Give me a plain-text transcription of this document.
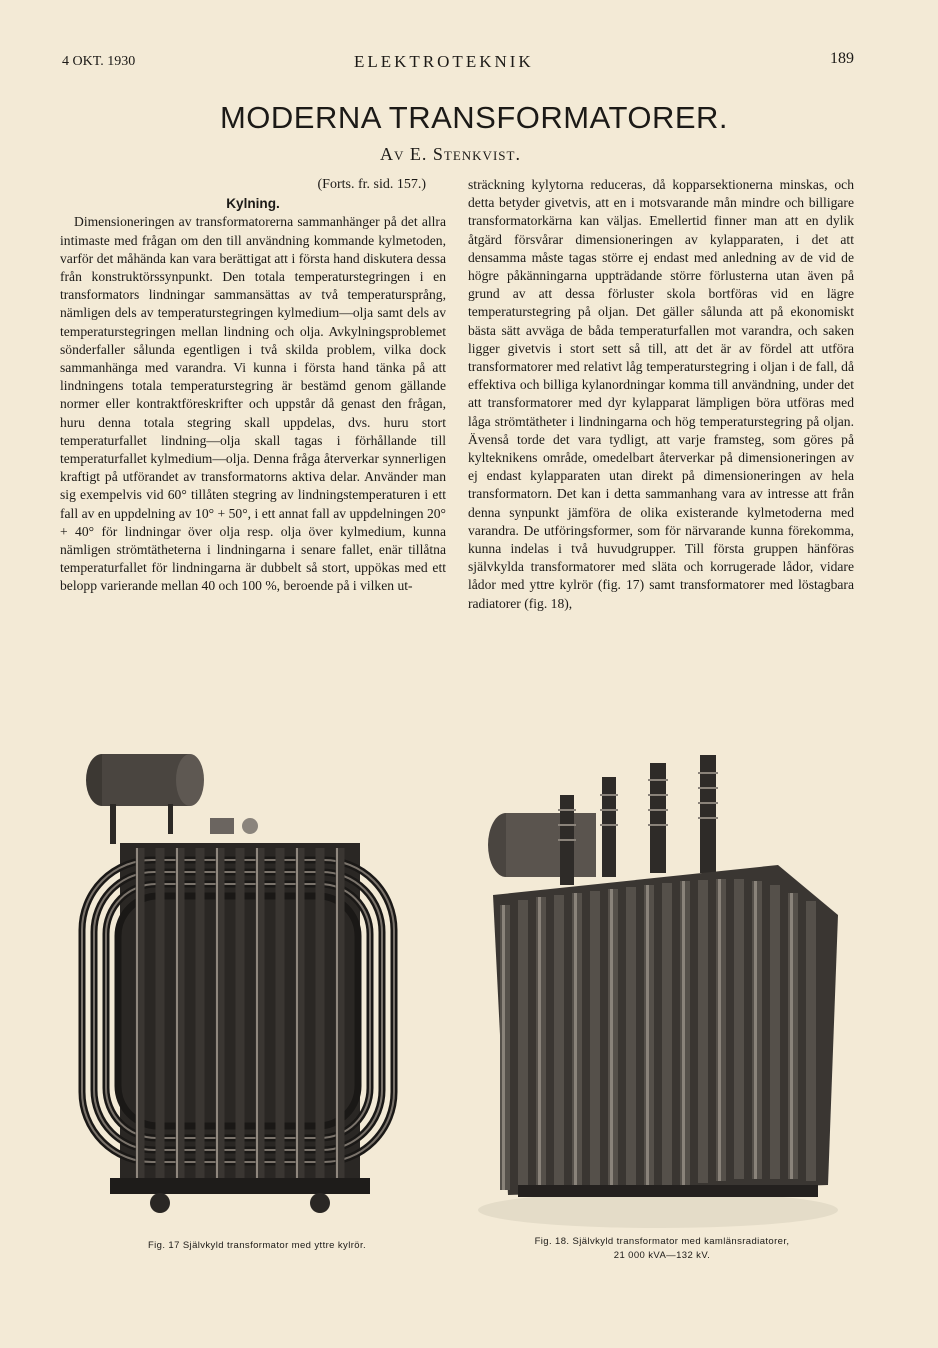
4 OKT. 1930	ELEKTROTEKNIK	189
MODERNA TRANSFORMATORER.
Av E. Stenkvist.
(Forts. fr. sid. 157.)

Kylning.

Dimensioneringen av transformatorerna sammanhänger på det allra intimaste med frågan om den till användning kommande kylmetoden, varför det måhända kan vara berättigat att i första hand diskutera dessa från konstruktörssynpunkt. Den totala temperaturstegringen i en transformators lindningar sammansättas av två temperatursprång, nämligen dels av temperaturstegringen kylmedium—olja samt dels av temperaturstegringen mellan lindning och olja. Avkylningsproblemet sönderfaller sålunda egentligen i två skilda problem, vilka dock sammanhänga med varandra. Vi kunna i första hand tänka på att lindningens totala temperaturstegring är bestämd genom gällande normer eller kontraktföreskrifter och uppstår då genast den frågan, huru denna totala stegring skall uppdelas, dvs. huru stort temperaturfallet lindning—olja skall tagas i förhållande till temperaturfallet kylmedium—olja. Denna fråga återverkar synnerligen kraftigt på utförandet av transformatorns aktiva delar. Använder man sig exempelvis vid 60° tillåten stegring av lindningstemperaturen i ett fall av en uppdelning av 10° + 50°, i ett annat fall av uppdelningen 20° + 40° för lindningar över olja resp. olja över kylmedium, kunna nämligen strömtätheterna i lindningarna i senare fallet, enär tillåtna temperaturfallet för lindningarna är dubbelt så stort, uppökas med ett belopp varierande mellan 40 och 100 %, beroende på i vilken ut-

sträckning kylytorna reduceras, då kopparsektionerna minskas, och detta betyder givetvis, att en i motsvarande mån mindre och billigare transformatorkärna kan väljas. Emellertid finner man att en dylik åtgärd försvårar dimensioneringen av kylapparaten, i det att densamma måste tagas större ej endast med anledning av de vid de högre påkänningarna uppträdande större förlusterna utan även på grund av att dessa förluster skola bortföras vid en lägre temperaturstegring på oljan. Det gäller sålunda att på ekonomiskt bästa sätt avväga de båda temperaturfallen mot varandra, och saken ligger givetvis i stort sett så till, att det är av fördel att utföra transformatorer med relativt låg temperaturstegring i oljan i de fall, då effektiva och billiga kylanordningar komma till användning, under det att transformatorer med dyr kylapparat lämpligen böra utföras med låga strömtätheter i lindningarna och hög temperaturstegring på oljan. Ävenså torde det vara tydligt, att varje framsteg, som göres på kylteknikens område, omedelbart återverkar på dimensioneringen av ej endast kylapparaten utan direkt på dimensioneringen av hela transformatorn. Det kan i detta sammanhang vara av intresse att från denna synpunkt jämföra de olika existerande kylmetoderna med varandra. De utföringsformer, som för närvarande kunna förekomma, kunna indelas i två huvudgrupper. Till första gruppen hänföras självkylda transformatorer med släta och korrugerade lådor, vidare lådor med yttre kylrör (fig. 17) samt transformatorer med löstagbara radiatorer (fig. 18),

Fig. 17 Självkyld transformator med yttre kylrör.	Fig. 18. Självkyld transformator med kamlänsradiatorer,
21 000 kVA—132 kV.
